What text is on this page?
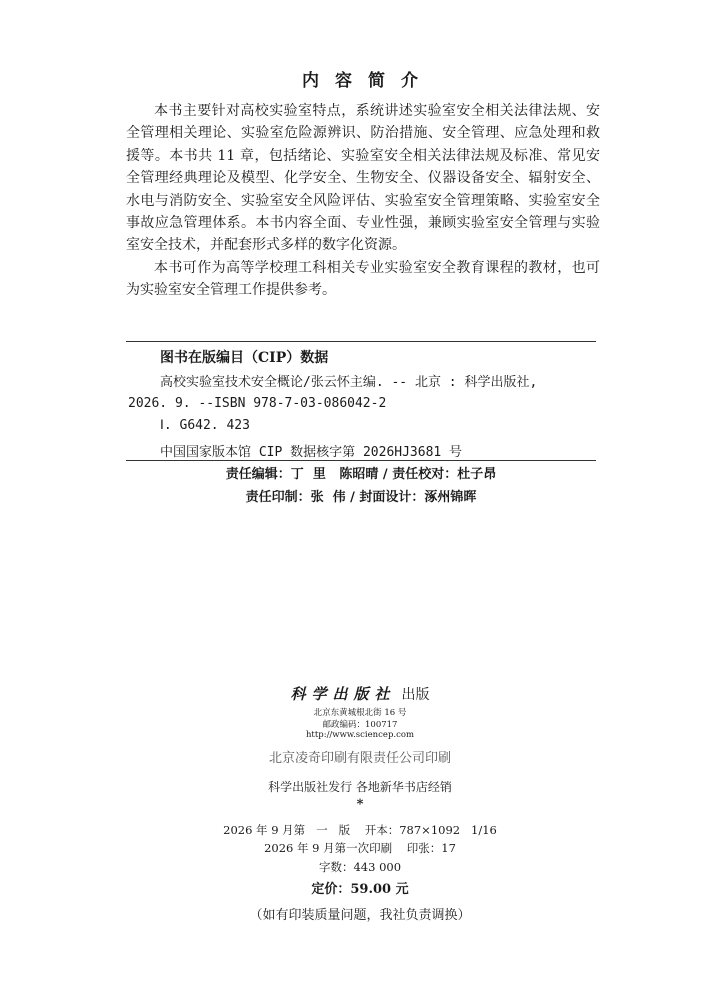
内容简介

本书主要针对高校实验室特点，系统讲述实验室安全相关法律法规、安全管理相关理论、实验室危险源辨识、防治措施、安全管理、应急处理和救援等。本书共 11 章，包括绪论、实验室安全相关法律法规及标准、常见安全管理经典理论及模型、化学安全、生物安全、仪器设备安全、辐射安全、水电与消防安全、实验室安全风险评估、实验室安全管理策略、实验室安全事故应急管理体系。本书内容全面、专业性强，兼顾实验室安全管理与实验室安全技术，并配套形式多样的数字化资源。

本书可作为高等学校理工科相关专业实验室安全教育课程的教材，也可为实验室安全管理工作提供参考。

图书在版编目（CIP）数据
高校实验室技术安全概论/张云怀主编. -- 北京 : 科学出版社,
2026. 9. --ISBN 978-7-03-086042-2
Ⅰ. G642. 423
中国国家版本馆 CIP 数据核字第 2026HJ3681 号
责任编辑：丁  里   陈昭晴 / 责任校对：杜子昂
责任印制：张  伟 / 封面设计：涿州锦晖
科学出版社 出版
北京东黄城根北街 16 号
邮政编码：100717
http://www.sciencep.com
北京凌奇印刷有限责任公司印刷
科学出版社发行 各地新华书店经销
*
2026 年 9 月第   一   版    开本：787×1092   1/16
2026 年 9 月第一次印刷    印张：17
字数：443 000
定价：59.00 元
（如有印装质量问题，我社负责调换）
